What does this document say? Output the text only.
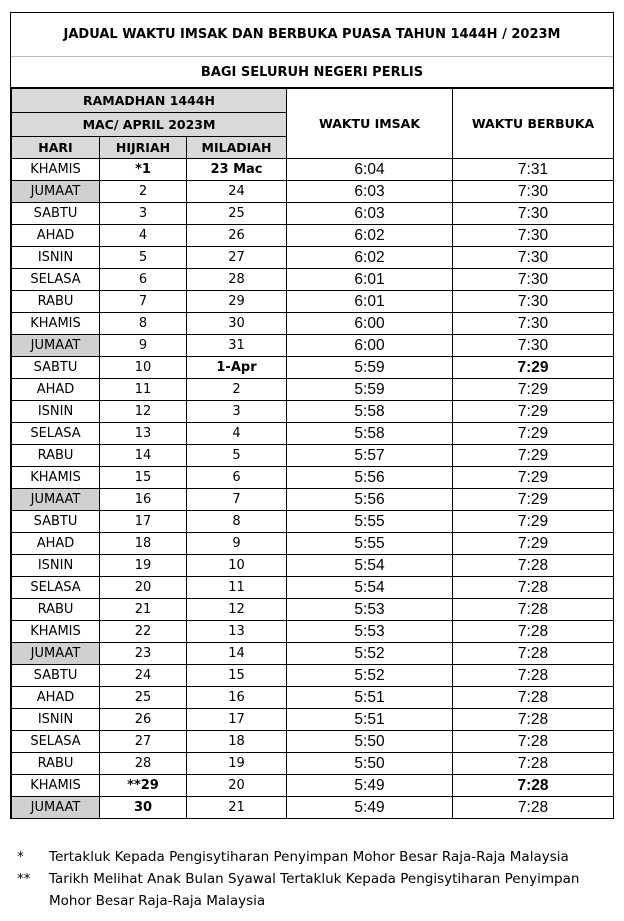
JADUAL WAKTU IMSAK DAN BERBUKA PUASA TAHUN 1444H / 2023M
BAGI SELURUH NEGERI PERLIS
RAMADHAN 1444H			WAKTU IMSAK	WAKTU BERBUKA
MAC/ APRIL 2023M				
HARI	HIJRIAH	MILADIAH		
KHAMIS	*1	23 Mac	6:04	7:31
JUMAAT	2	24	6:03	7:30
SABTU	3	25	6:03	7:30
AHAD	4	26	6:02	7:30
ISNIN	5	27	6:02	7:30
SELASA	6	28	6:01	7:30
RABU	7	29	6:01	7:30
KHAMIS	8	30	6:00	7:30
JUMAAT	9	31	6:00	7:30
SABTU	10	1-Apr	5:59	7:29
AHAD	11	2	5:59	7:29
ISNIN	12	3	5:58	7:29
SELASA	13	4	5:58	7:29
RABU	14	5	5:57	7:29
KHAMIS	15	6	5:56	7:29
JUMAAT	16	7	5:56	7:29
SABTU	17	8	5:55	7:29
AHAD	18	9	5:55	7:29
ISNIN	19	10	5:54	7:28
SELASA	20	11	5:54	7:28
RABU	21	12	5:53	7:28
KHAMIS	22	13	5:53	7:28
JUMAAT	23	14	5:52	7:28
SABTU	24	15	5:52	7:28
AHAD	25	16	5:51	7:28
ISNIN	26	17	5:51	7:28
SELASA	27	18	5:50	7:28
RABU	28	19	5:50	7:28
KHAMIS	**29	20	5:49	7:28
JUMAAT	30	21	5:49	7:28
*	Tertakluk Kepada Pengisytiharan Penyimpan Mohor Besar Raja-Raja Malaysia
**	Tarikh Melihat Anak Bulan Syawal Tertakluk Kepada Pengisytiharan Penyimpan Mohor Besar Raja-Raja Malaysia
